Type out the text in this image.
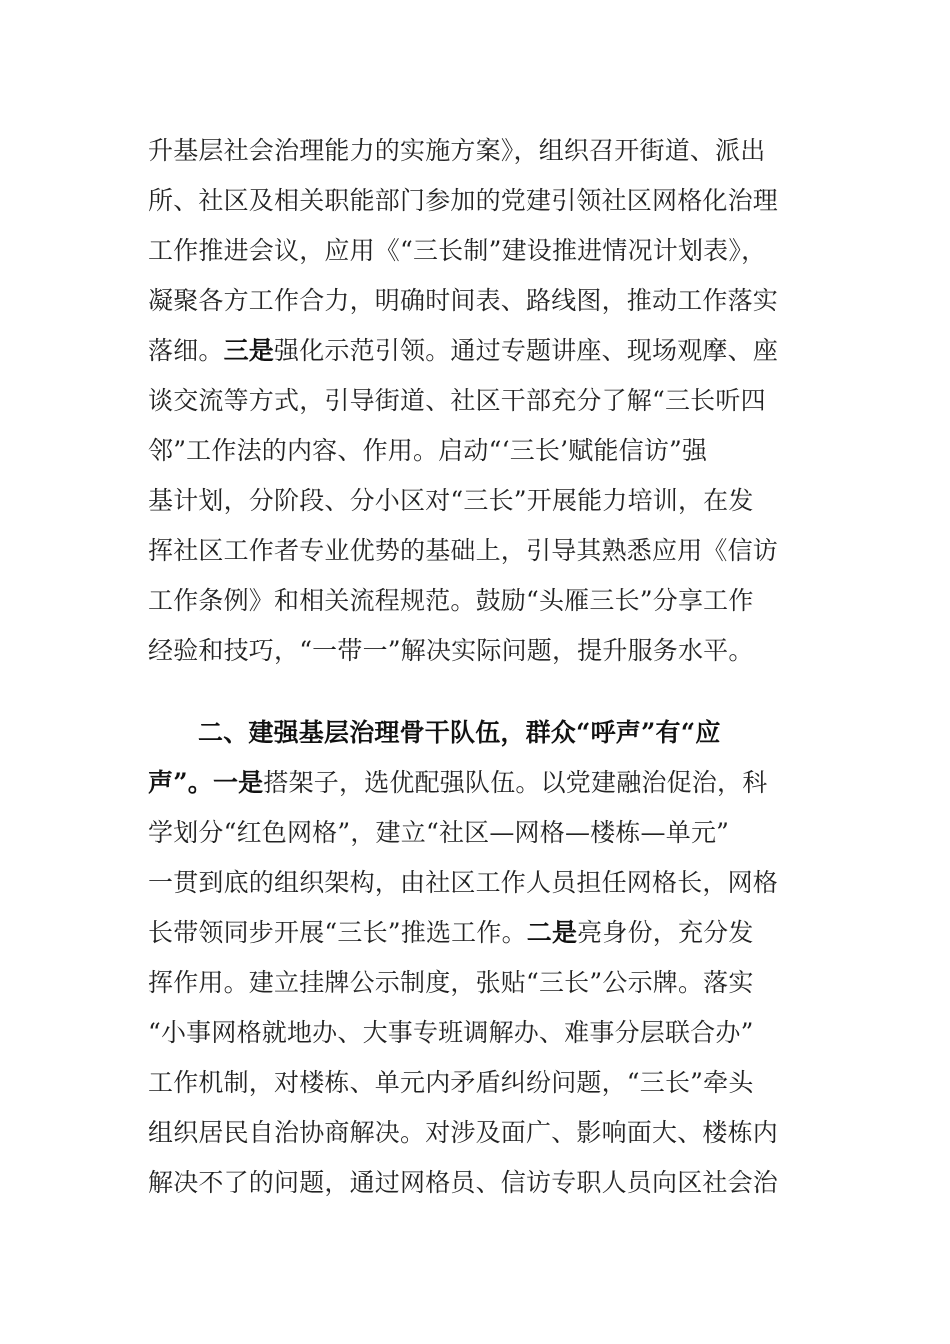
升基层社会治理能力的实施方案》，组织召开街道、派出
所、社区及相关职能部门参加的党建引领社区网格化治理
工作推进会议，应用《“三长制”建设推进情况计划表》，
凝聚各方工作合力，明确时间表、路线图，推动工作落实
落细。三是强化示范引领。通过专题讲座、现场观摩、座
谈交流等方式，引导街道、社区干部充分了解“三长听四
邻”工作法的内容、作用。启动“‘三长’赋能信访”强
基计划，分阶段、分小区对“三长”开展能力培训，在发
挥社区工作者专业优势的基础上，引导其熟悉应用《信访
工作条例》和相关流程规范。鼓励“头雁三长”分享工作
经验和技巧，“一带一”解决实际问题，提升服务水平。
二、建强基层治理骨干队伍，群众“呼声”有“应
声”。一是搭架子，选优配强队伍。以党建融治促治，科
学划分“红色网格”，建立“社区—网格—楼栋—单元”
一贯到底的组织架构，由社区工作人员担任网格长，网格
长带领同步开展“三长”推选工作。二是亮身份，充分发
挥作用。建立挂牌公示制度，张贴“三长”公示牌。落实
“小事网格就地办、大事专班调解办、难事分层联合办”
工作机制，对楼栋、单元内矛盾纠纷问题，“三长”牵头
组织居民自治协商解决。对涉及面广、影响面大、楼栋内
解决不了的问题，通过网格员、信访专职人员向区社会治
